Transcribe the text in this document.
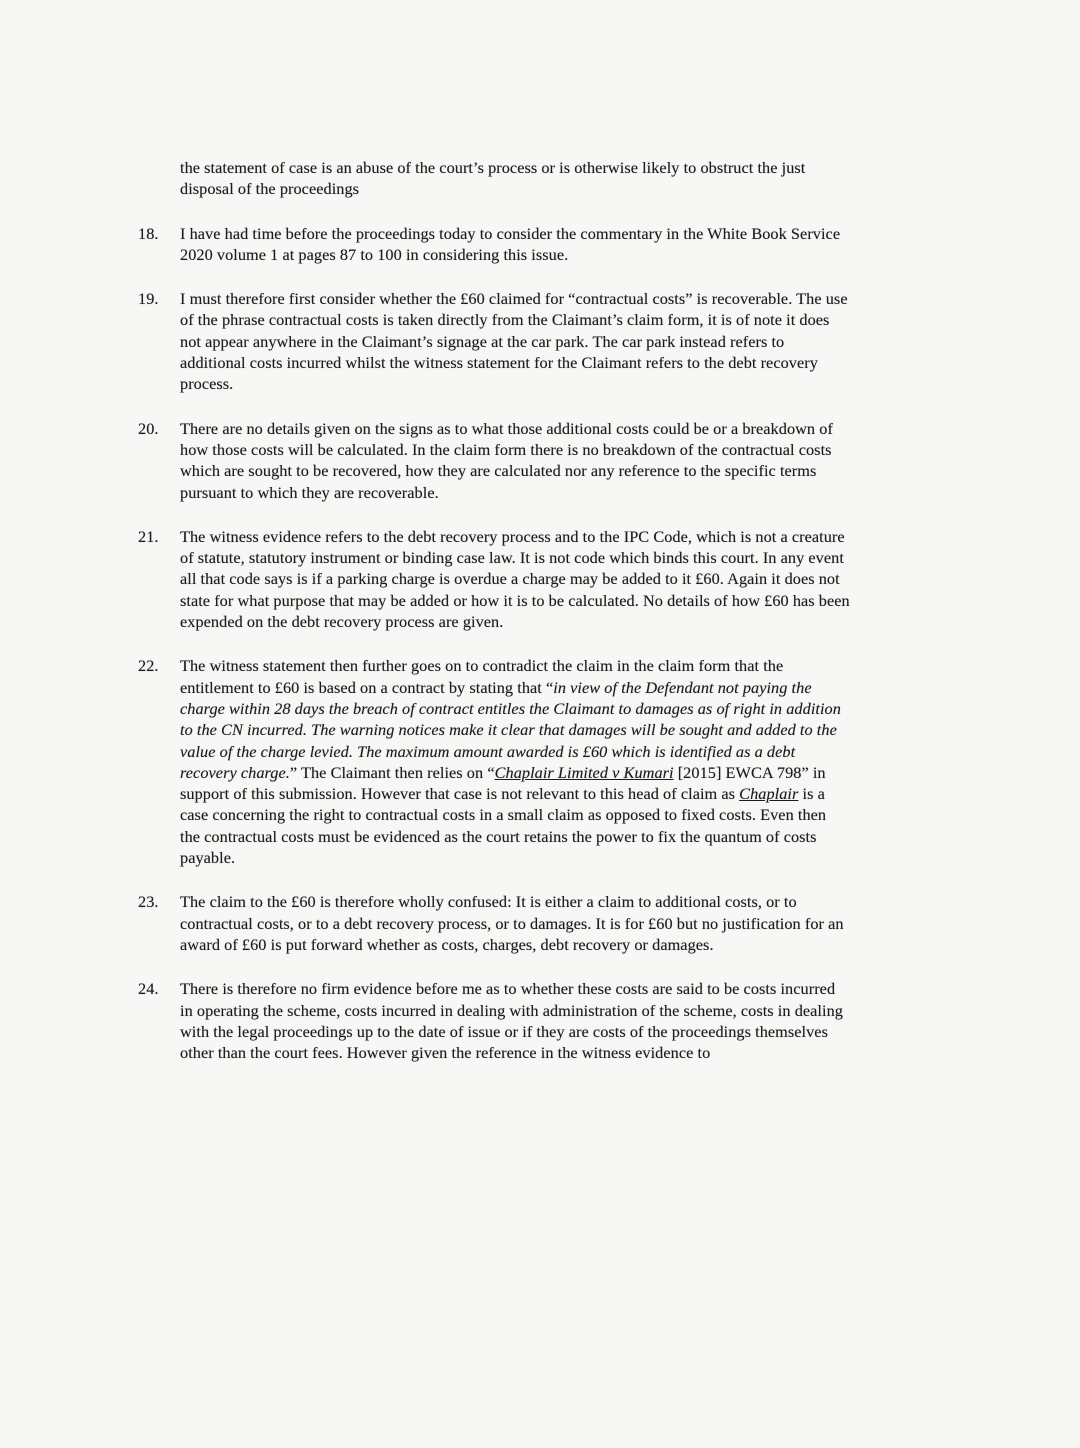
the statement of case is an abuse of the court’s process or is otherwise likely to obstruct the just disposal of the proceedings

18. I have had time before the proceedings today to consider the commentary in the White Book Service 2020 volume 1 at pages 87 to 100 in considering this issue.
19. I must therefore first consider whether the £60 claimed for “contractual costs” is recoverable. The use of the phrase contractual costs is taken directly from the Claimant’s claim form, it is of note it does not appear anywhere in the Claimant’s signage at the car park. The car park instead refers to additional costs incurred whilst the witness statement for the Claimant refers to the debt recovery process.
20. There are no details given on the signs as to what those additional costs could be or a breakdown of how those costs will be calculated. In the claim form there is no breakdown of the contractual costs which are sought to be recovered, how they are calculated nor any reference to the specific terms pursuant to which they are recoverable.
21. The witness evidence refers to the debt recovery process and to the IPC Code, which is not a creature of statute, statutory instrument or binding case law. It is not code which binds this court. In any event all that code says is if a parking charge is overdue a charge may be added to it £60. Again it does not state for what purpose that may be added or how it is to be calculated. No details of how £60 has been expended on the debt recovery process are given.
22. The witness statement then further goes on to contradict the claim in the claim form that the entitlement to £60 is based on a contract by stating that “in view of the Defendant not paying the charge within 28 days the breach of contract entitles the Claimant to damages as of right in addition to the CN incurred. The warning notices make it clear that damages will be sought and added to the value of the charge levied. The maximum amount awarded is £60 which is identified as a debt recovery charge.” The Claimant then relies on “Chaplair Limited v Kumari [2015] EWCA 798” in support of this submission. However that case is not relevant to this head of claim as Chaplair is a case concerning the right to contractual costs in a small claim as opposed to fixed costs. Even then the contractual costs must be evidenced as the court retains the power to fix the quantum of costs payable.
23. The claim to the £60 is therefore wholly confused: It is either a claim to additional costs, or to contractual costs, or to a debt recovery process, or to damages. It is for £60 but no justification for an award of £60 is put forward whether as costs, charges, debt recovery or damages.
24. There is therefore no firm evidence before me as to whether these costs are said to be costs incurred in operating the scheme, costs incurred in dealing with administration of the scheme, costs in dealing with the legal proceedings up to the date of issue or if they are costs of the proceedings themselves other than the court fees. However given the reference in the witness evidence to
